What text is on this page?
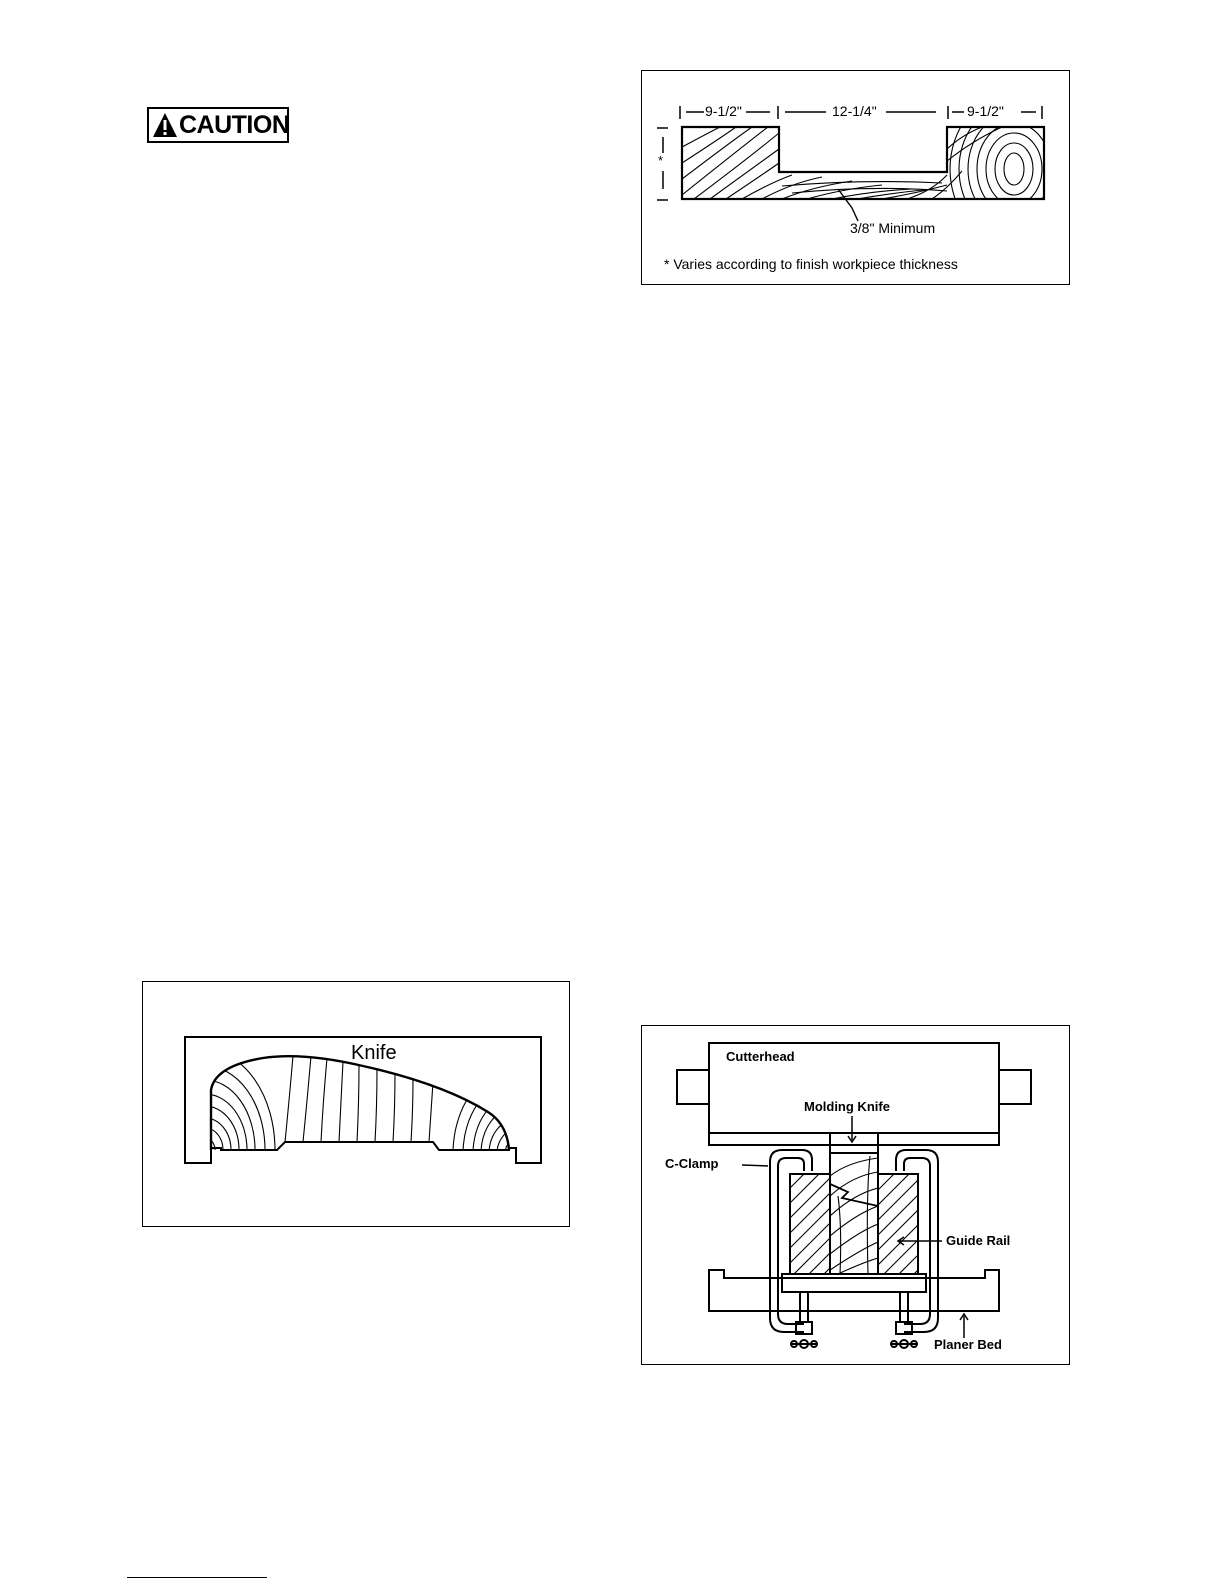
CAUTION	9-1/2"	12-1/4"	9-1/2"
*
3/8" Minimum
* Varies according to finish workpiece thickness
Knife	Cutterhead
Molding Knife
C-Clamp
Guide Rail
Planer Bed
